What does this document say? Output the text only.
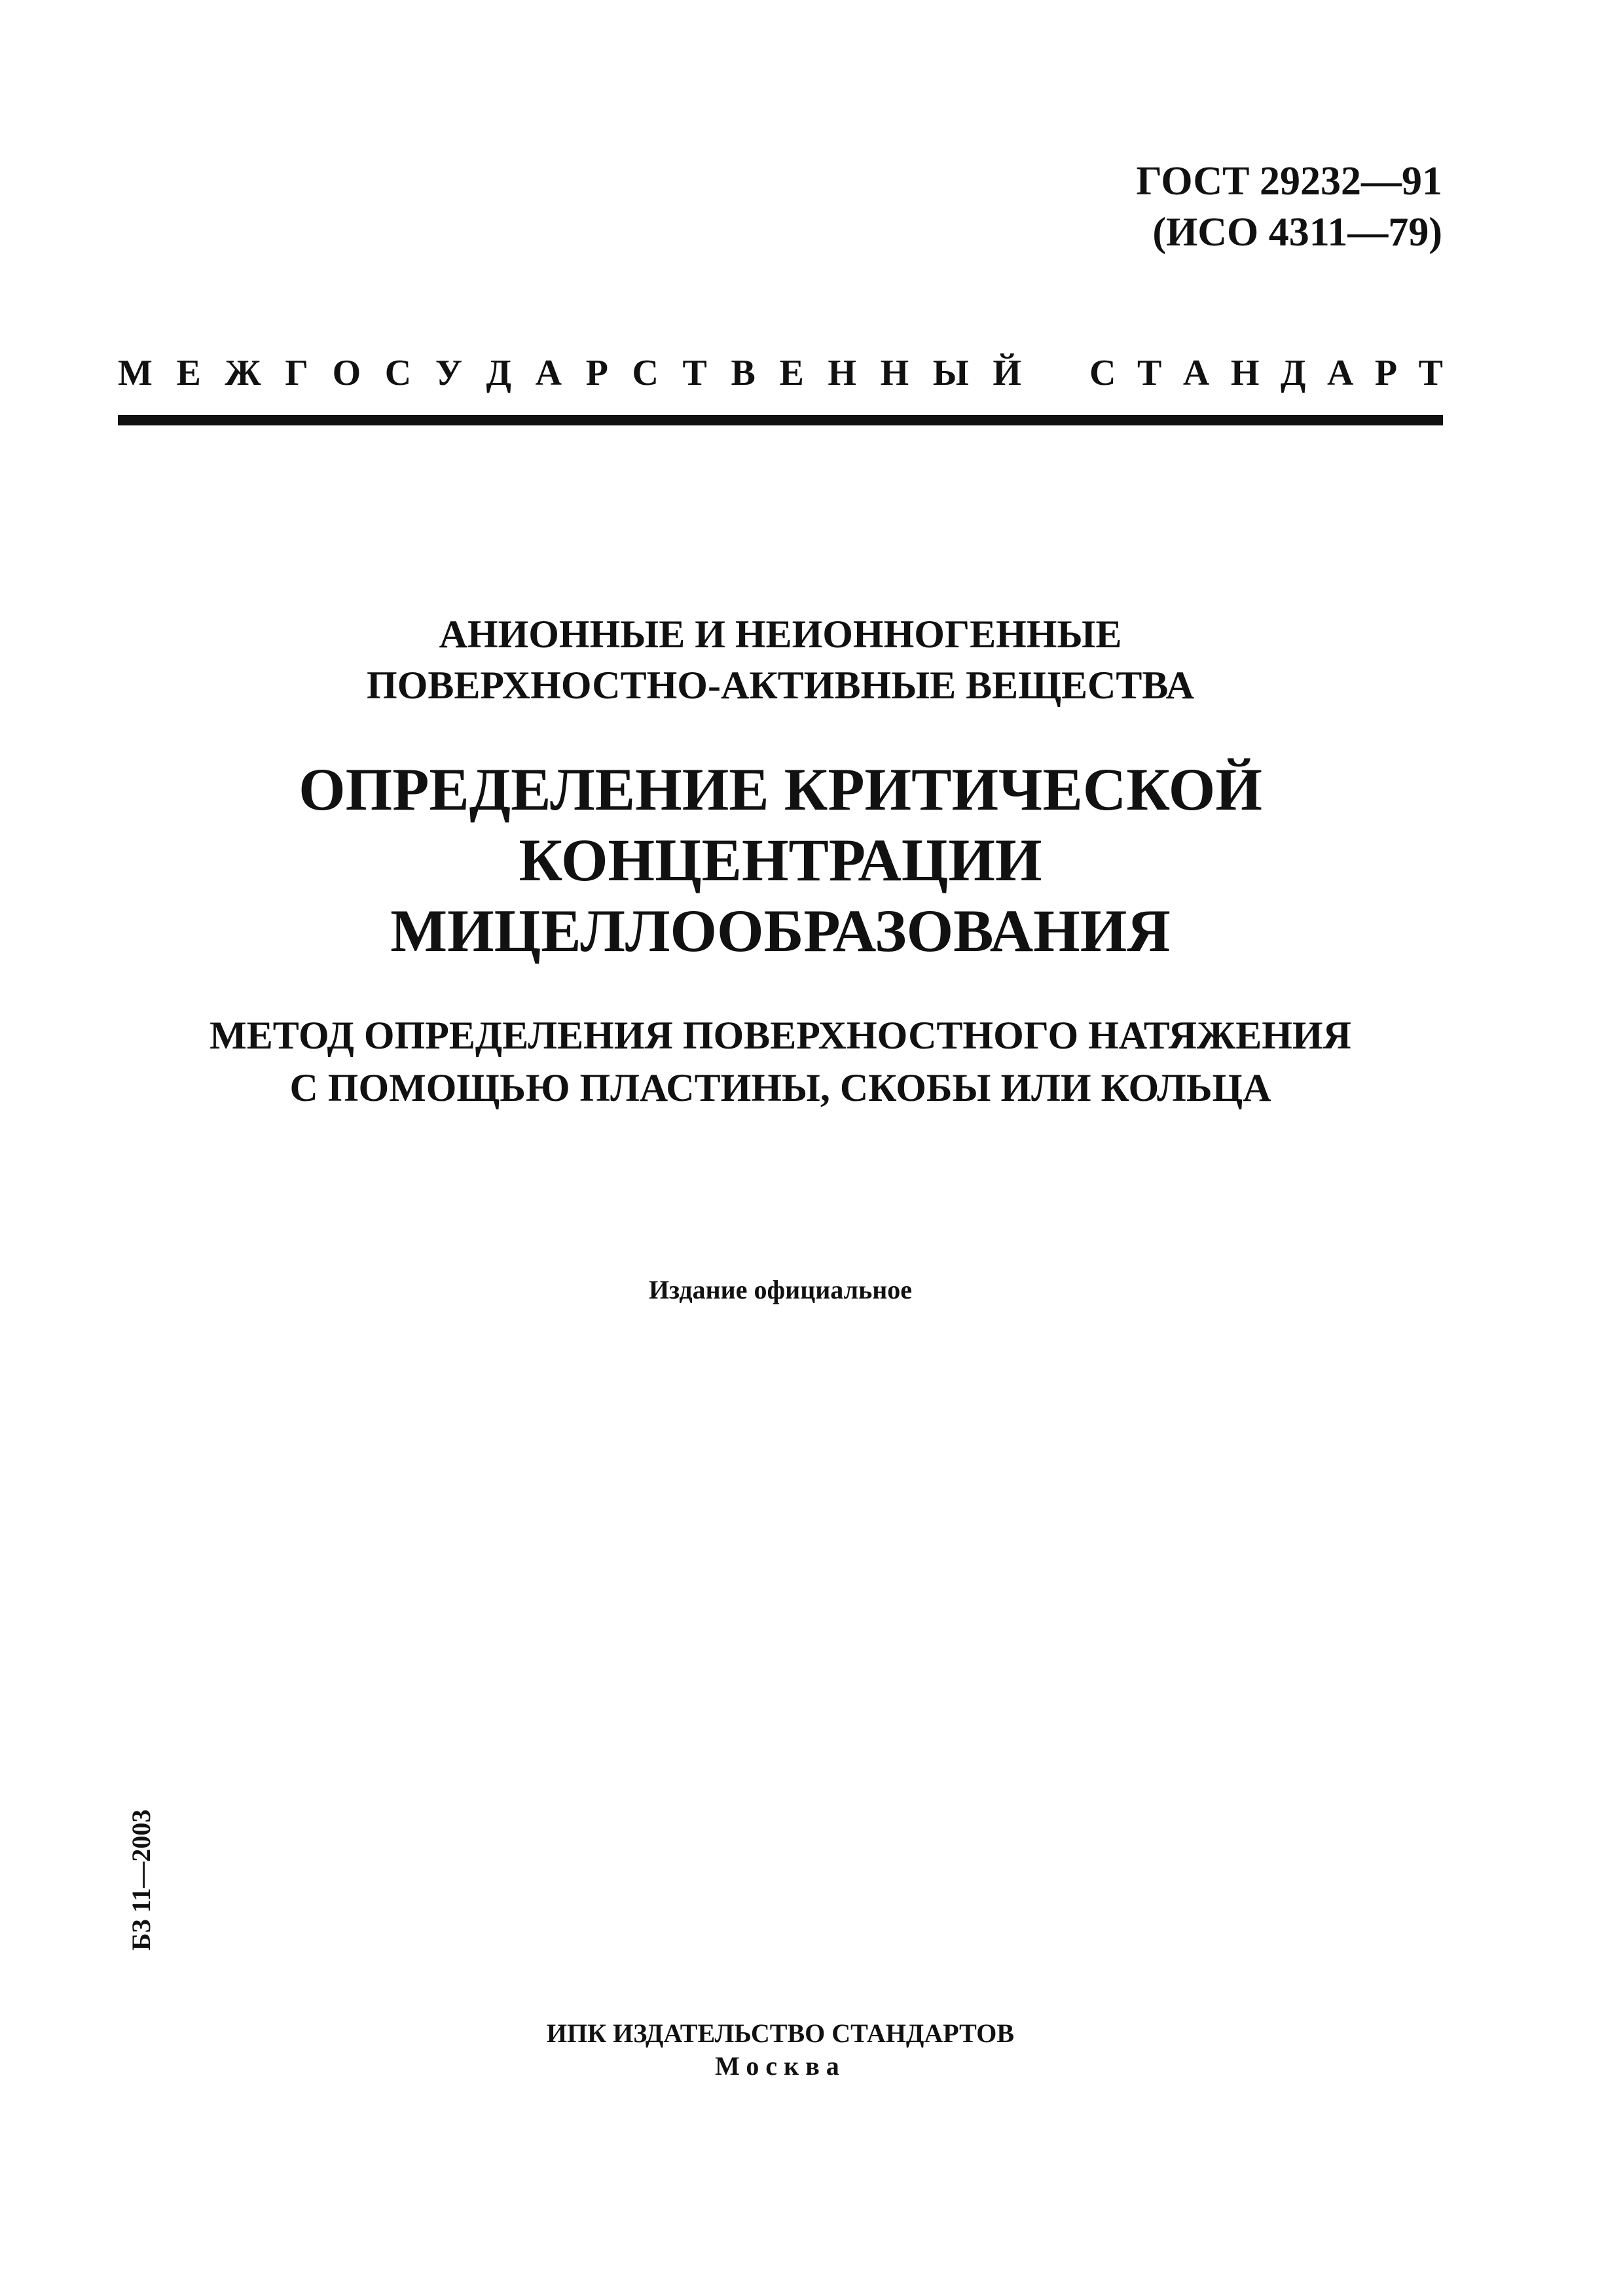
ГОСТ 29232—91
(ИСО 4311—79)
М Е Ж Г О С У Д А Р С Т В Е Н Н Ы Й С Т А Н Д А Р Т
АНИОННЫЕ И НЕИОННОГЕННЫЕ
ПОВЕРХНОСТНО-АКТИВНЫЕ ВЕЩЕСТВА
ОПРЕДЕЛЕНИЕ КРИТИЧЕСКОЙ
КОНЦЕНТРАЦИИ
МИЦЕЛЛООБРАЗОВАНИЯ
МЕТОД ОПРЕДЕЛЕНИЯ ПОВЕРХНОСТНОГО НАТЯЖЕНИЯ
С ПОМОЩЬЮ ПЛАСТИНЫ, СКОБЫ ИЛИ КОЛЬЦА
Издание официальное
БЗ 11—2003
ИПК ИЗДАТЕЛЬСТВО СТАНДАРТОВ
Москва
